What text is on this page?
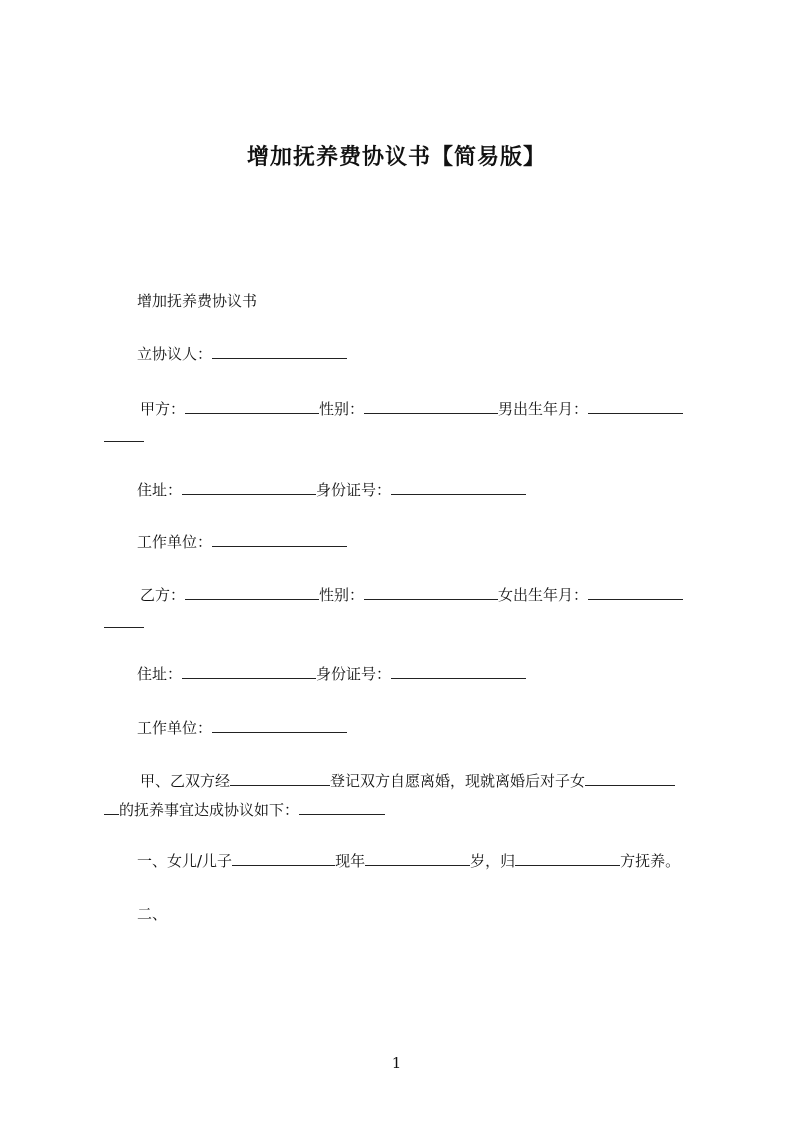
增加抚养费协议书【简易版】
增加抚养费协议书
立协议人：
甲方：	性别：	男出生年月：
住址：	身份证号：
工作单位：
乙方：	性别：	女出生年月：
住址：	身份证号：
工作单位：
甲、乙双方经	登记双方自愿离婚，现就离婚后对子女
的抚养事宜达成协议如下：
一、女儿/儿子	现年	岁，归	方抚养。
二、
1
